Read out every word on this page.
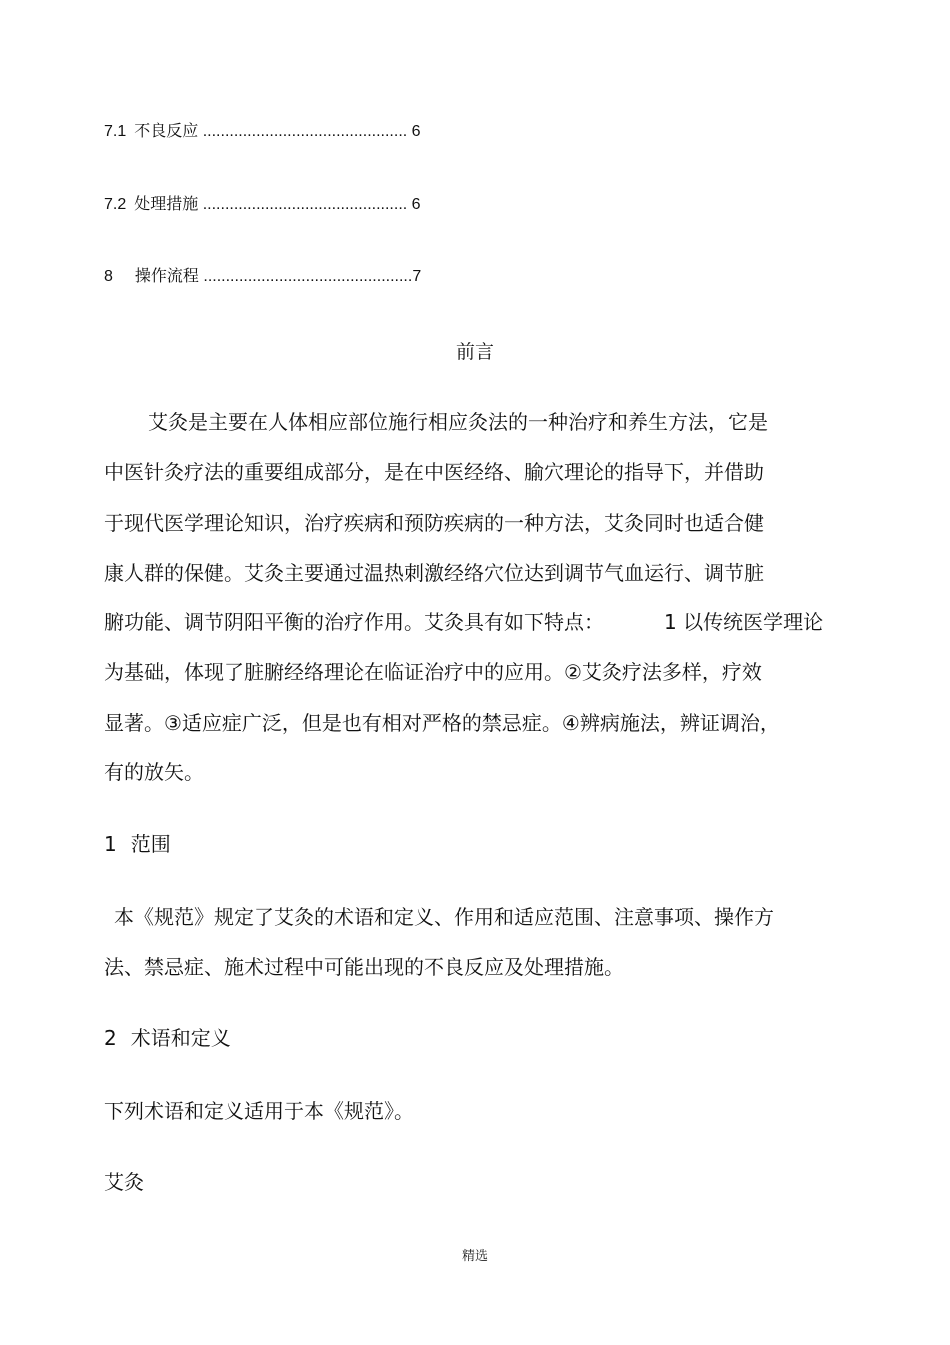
7.1 不良反应 .............................................. 6
7.2 处理措施 .............................................. 6
8 操作流程 ...............................................7
前言
艾灸是主要在人体相应部位施行相应灸法的一种治疗和养生方法，它是
中医针灸疗法的重要组成部分，是在中医经络、腧穴理论的指导下，并借助
于现代医学理论知识，治疗疾病和预防疾病的一种方法，艾灸同时也适合健
康人群的保健。艾灸主要通过温热刺激经络穴位达到调节气血运行、调节脏
腑功能、调节阴阳平衡的治疗作用。艾灸具有如下特点：	1 以传统医学理论
为基础，体现了脏腑经络理论在临证治疗中的应用。②艾灸疗法多样，疗效
显著。③适应症广泛，但是也有相对严格的禁忌症。④辨病施法，辨证调治，
有的放矢。
1 范围
本《规范》规定了艾灸的术语和定义、作用和适应范围、注意事项、操作方
法、禁忌症、施术过程中可能出现的不良反应及处理措施。
2 术语和定义
下列术语和定义适用于本《规范》。
艾灸
精选
